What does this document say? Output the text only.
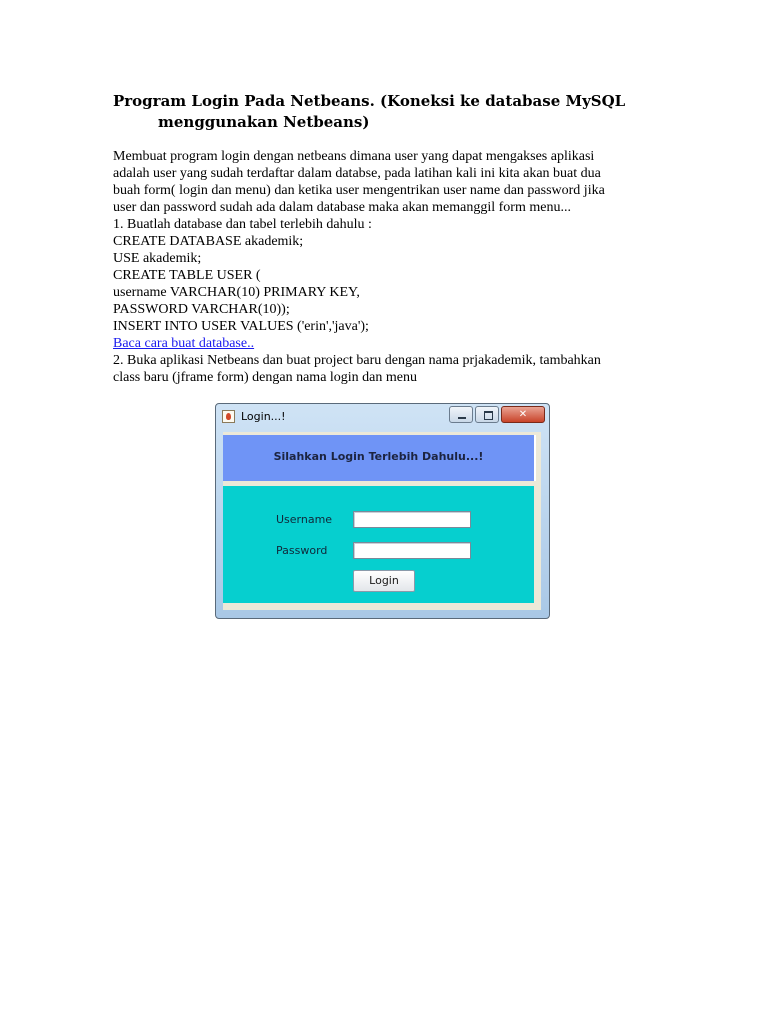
Program Login Pada Netbeans. (Koneksi ke database MySQL
menggunakan Netbeans)

Membuat program login dengan netbeans dimana user yang dapat mengakses aplikasi

adalah user yang sudah terdaftar dalam databse, pada latihan kali ini kita akan buat dua

buah form( login dan menu) dan ketika user mengentrikan user name dan password jika

user dan password sudah ada dalam database maka akan memanggil form menu...

1. Buatlah database dan tabel terlebih dahulu :

CREATE DATABASE akademik;

USE akademik;

CREATE TABLE USER (

username VARCHAR(10) PRIMARY KEY,

PASSWORD VARCHAR(10));

INSERT INTO USER VALUES ('erin','java');

Baca cara buat database..

2. Buka aplikasi Netbeans dan buat project baru dengan nama prjakademik, tambahkan

class baru (jframe form) dengan nama login dan menu

Login...!	✕
Silahkan Login Terlebih Dahulu...!
Username
Password
Login
